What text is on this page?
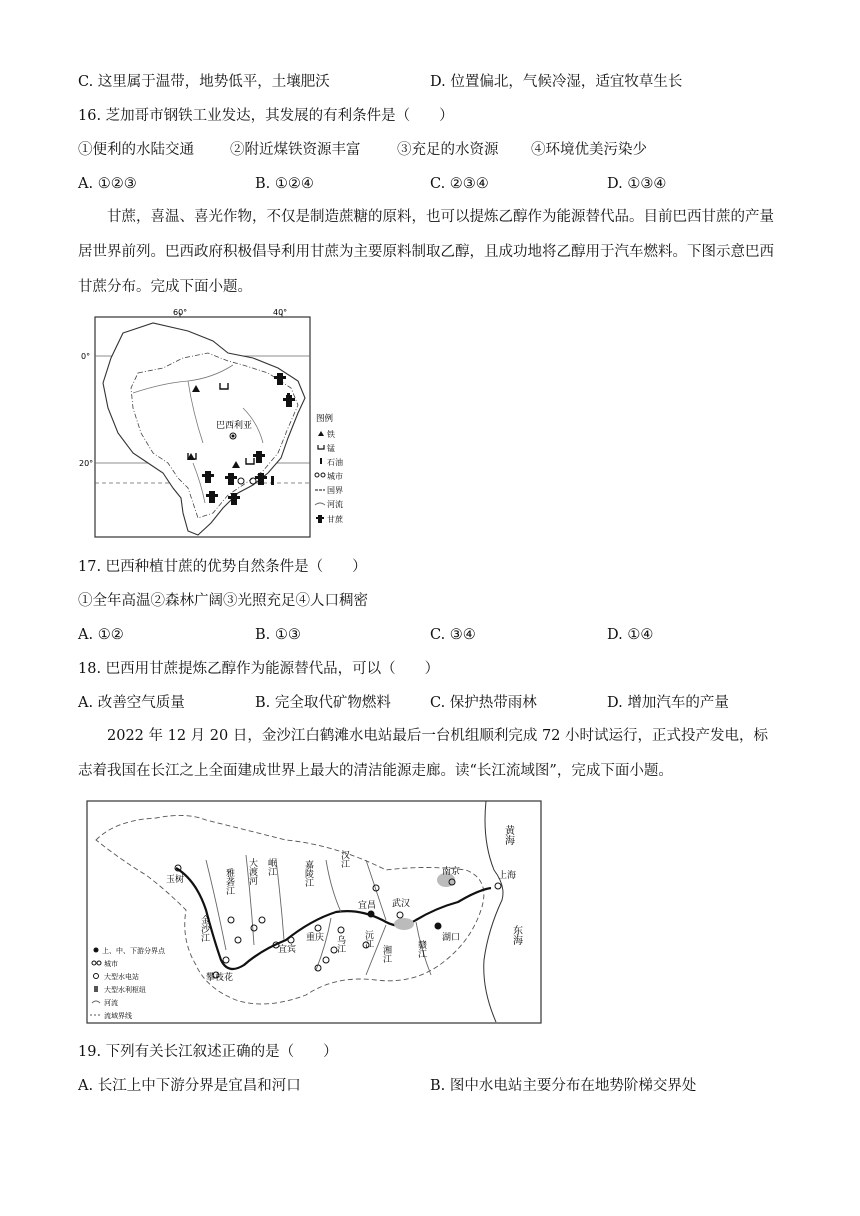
C. 这里属于温带，地势低平，土壤肥沃	D. 位置偏北，气候冷湿，适宜牧草生长
16. 芝加哥市钢铁工业发达，其发展的有利条件是（　　）
①便利的水陆交通 ②附近煤铁资源丰富	③充足的水资源 ④环境优美污染少
A. ①②③	B. ①②④	C. ②③④	D. ①③④
甘蔗，喜温、喜光作物，不仅是制造蔗糖的原料，也可以提炼乙醇作为能源替代品。目前巴西甘蔗的产量居世界前列。巴西政府积极倡导利用甘蔗为主要原料制取乙醇，且成功地将乙醇用于汽车燃料。下图示意巴西甘蔗分布。完成下面小题。
60°	40°
0°
20°
巴西利亚
图例
铁
锰
石油
城市
国界
河流
甘蔗
17. 巴西种植甘蔗的优势自然条件是（　　）
①全年高温②森林广阔③光照充足④人口稠密
A. ①②	B. ①③	C. ③④	D. ①④
18. 巴西用甘蔗提炼乙醇作为能源替代品，可以（　　）
A. 改善空气质量	B. 完全取代矿物燃料	C. 保护热带雨林	D. 增加汽车的产量
2022 年 12 月 20 日，金沙江白鹤滩水电站最后一台机组顺利完成 72 小时试运行，正式投产发电，标志着我国在长江之上全面建成世界上最大的清洁能源走廊。读“长江流域图”，完成下面小题。
玉树
攀枝花
宜宾
重庆
宜昌 武汉
南京	上海
湖口
金沙江
雅砻江 大渡河 岷江	嘉陵江
汉江
乌江 沅江
湘江	赣江
黄海
东海
上、中、下游分界点
城市
大型水电站
大型水利枢纽
河流
流域界线
19. 下列有关长江叙述正确的是（　　）
A. 长江上中下游分界是宜昌和河口	B. 图中水电站主要分布在地势阶梯交界处
